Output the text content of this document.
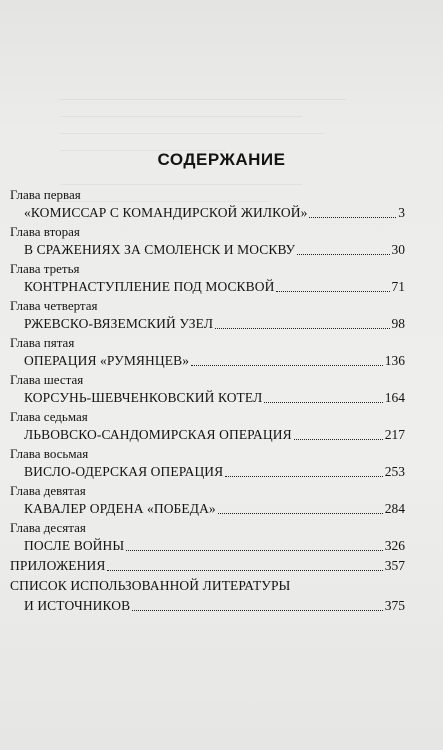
——————————————————————————
——————————————————————
————————————————————————
———————————————

——————————————————————
———————————————————
СОДЕРЖАНИЕ
Глава первая
«КОМИССАР С КОМАНДИРСКОЙ ЖИЛКОЙ»	3
Глава вторая
В СРАЖЕНИЯХ ЗА СМОЛЕНСК И МОСКВУ	30
Глава третья
КОНТРНАСТУПЛЕНИЕ ПОД МОСКВОЙ	71
Глава четвертая
РЖЕВСКО-ВЯЗЕМСКИЙ УЗЕЛ	98
Глава пятая
ОПЕРАЦИЯ «РУМЯНЦЕВ»	136
Глава шестая
КОРСУНЬ-ШЕВЧЕНКОВСКИЙ КОТЕЛ	164
Глава седьмая
ЛЬВОВСКО-САНДОМИРСКАЯ ОПЕРАЦИЯ	217
Глава восьмая
ВИСЛО-ОДЕРСКАЯ ОПЕРАЦИЯ	253
Глава девятая
КАВАЛЕР ОРДЕНА «ПОБЕДА»	284
Глава десятая
ПОСЛЕ ВОЙНЫ	326
ПРИЛОЖЕНИЯ	357
СПИСОК ИСПОЛЬЗОВАННОЙ ЛИТЕРАТУРЫ
И ИСТОЧНИКОВ	375
